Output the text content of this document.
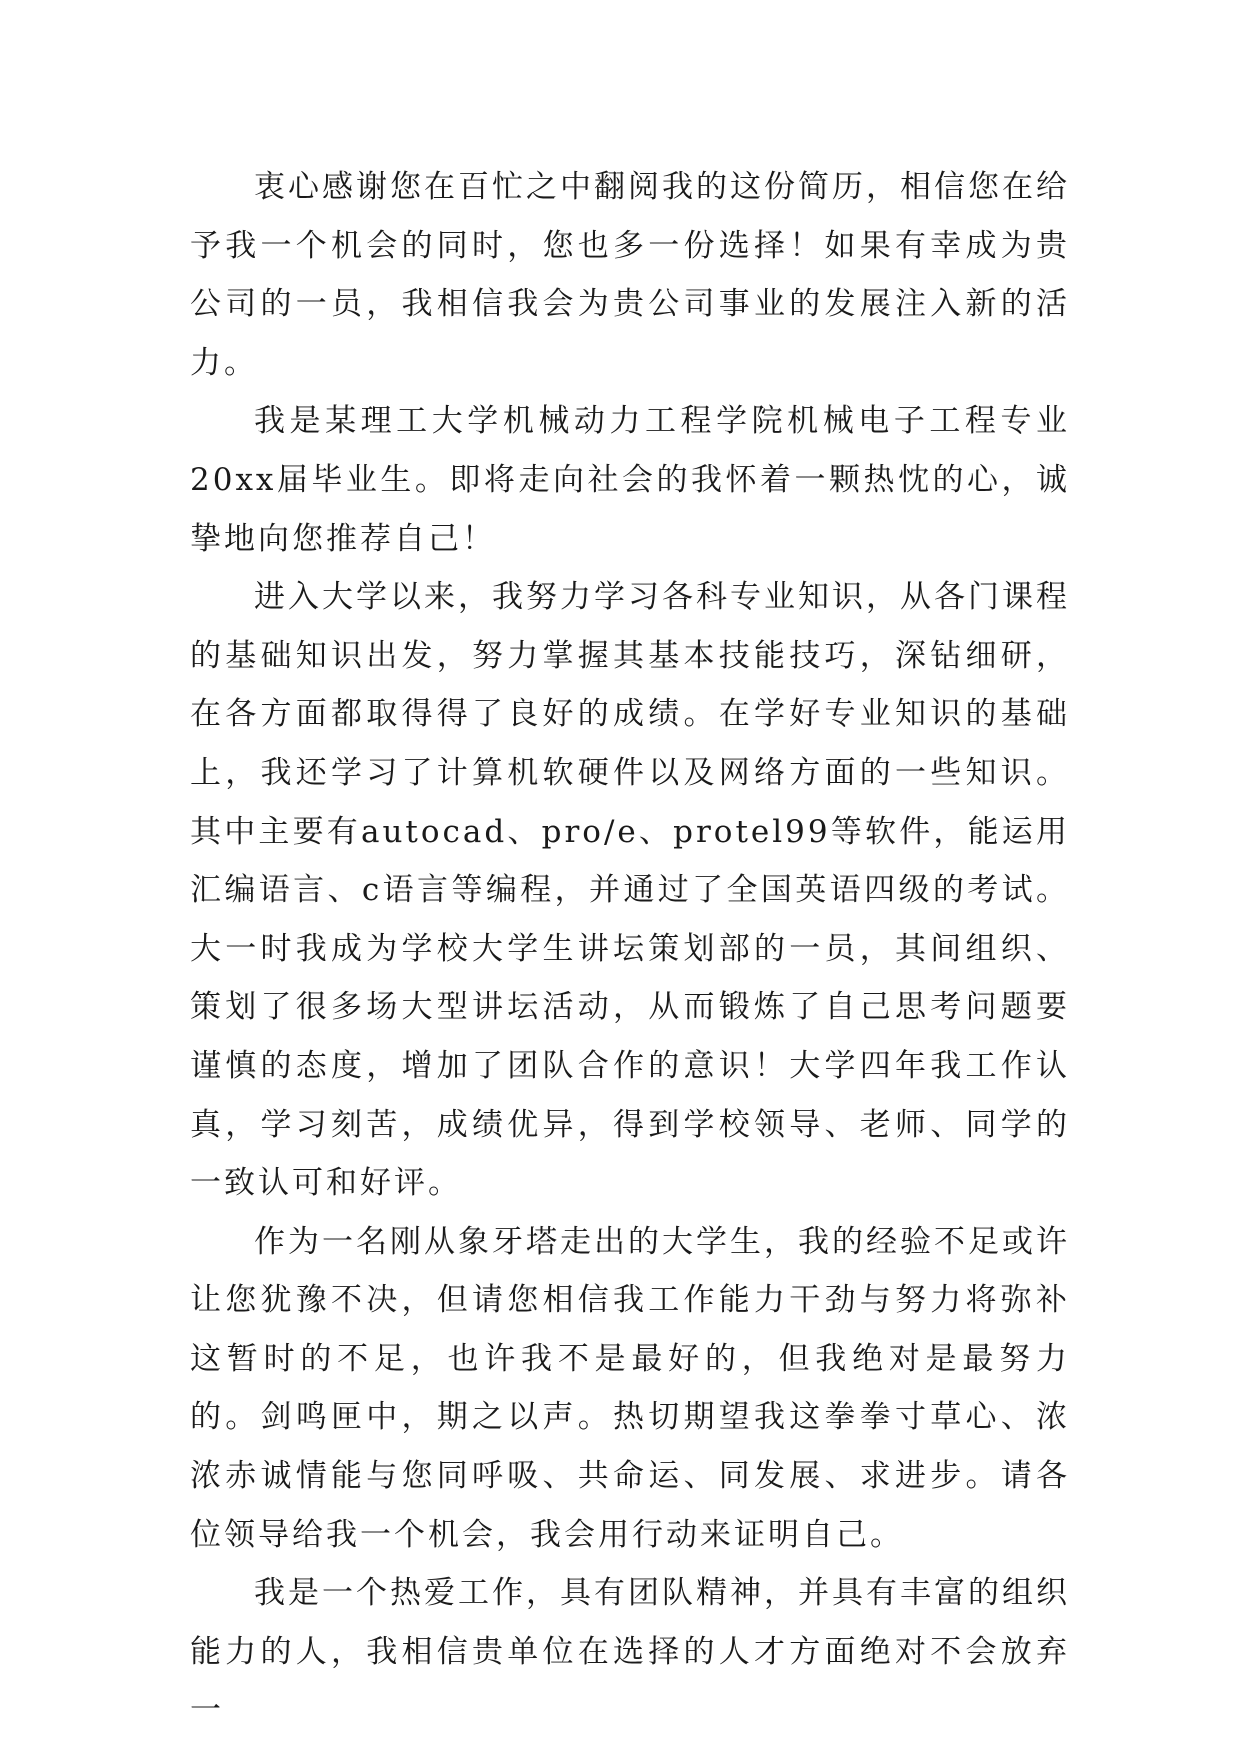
衷心感谢您在百忙之中翻阅我的这份简历，相信您在给予我一个机会的同时，您也多一份选择！如果有幸成为贵公司的一员，我相信我会为贵公司事业的发展注入新的活力。

我是某理工大学机械动力工程学院机械电子工程专业20xx届毕业生。即将走向社会的我怀着一颗热忱的心，诚挚地向您推荐自己！

进入大学以来，我努力学习各科专业知识，从各门课程的基础知识出发，努力掌握其基本技能技巧，深钻细研，在各方面都取得得了良好的成绩。在学好专业知识的基础上，我还学习了计算机软硬件以及网络方面的一些知识。其中主要有autocad、pro/e、protel99等软件，能运用汇编语言、c语言等编程，并通过了全国英语四级的考试。大一时我成为学校大学生讲坛策划部的一员，其间组织、策划了很多场大型讲坛活动，从而锻炼了自己思考问题要谨慎的态度，增加了团队合作的意识！大学四年我工作认真，学习刻苦，成绩优异，得到学校领导、老师、同学的一致认可和好评。

作为一名刚从象牙塔走出的大学生，我的经验不足或许让您犹豫不决，但请您相信我工作能力干劲与努力将弥补这暂时的不足，也许我不是最好的，但我绝对是最努力的。剑鸣匣中，期之以声。热切期望我这拳拳寸草心、浓浓赤诚情能与您同呼吸、共命运、同发展、求进步。请各位领导给我一个机会，我会用行动来证明自己。

我是一个热爱工作，具有团队精神，并具有丰富的组织能力的人，我相信贵单位在选择的人才方面绝对不会放弃一
